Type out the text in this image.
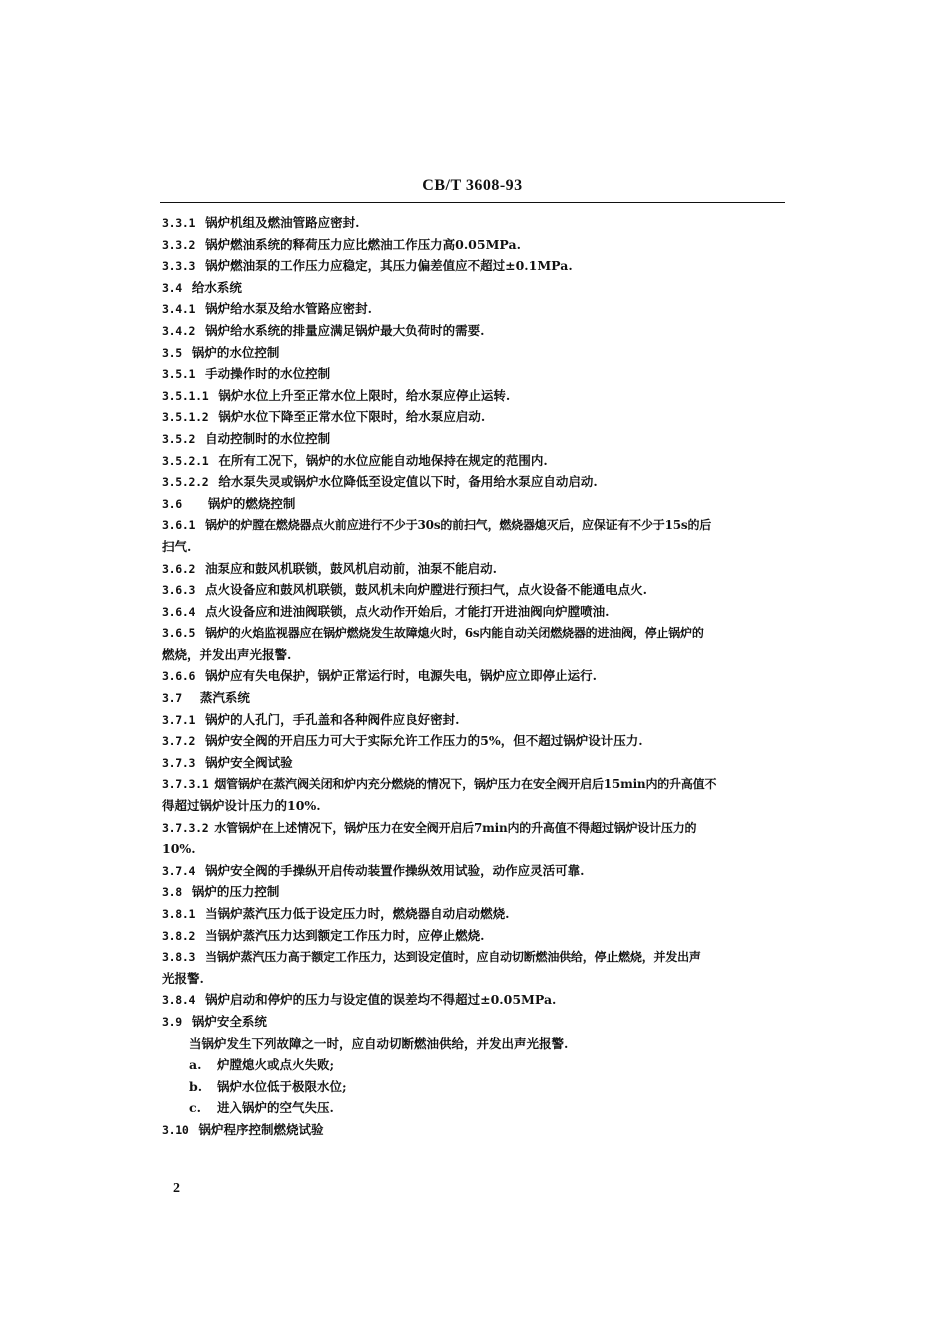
CB/T 3608-93
3.3.1 锅炉机组及燃油管路应密封.
3.3.2 锅炉燃油系统的释荷压力应比燃油工作压力高0.05MPa.
3.3.3 锅炉燃油泵的工作压力应稳定，其压力偏差值应不超过±0.1MPa.
3.4 给水系统
3.4.1 锅炉给水泵及给水管路应密封.
3.4.2 锅炉给水系统的排量应满足锅炉最大负荷时的需要.
3.5 锅炉的水位控制
3.5.1 手动操作时的水位控制
3.5.1.1 锅炉水位上升至正常水位上限时，给水泵应停止运转.
3.5.1.2 锅炉水位下降至正常水位下限时，给水泵应启动.
3.5.2 自动控制时的水位控制
3.5.2.1 在所有工况下，锅炉的水位应能自动地保持在规定的范围内.
3.5.2.2 给水泵失灵或锅炉水位降低至设定值以下时，备用给水泵应自动启动.
3.6 锅炉的燃烧控制
3.6.1 锅炉的炉膛在燃烧器点火前应进行不少于30s的前扫气，燃烧器熄灭后，应保证有不少于15s的后
扫气.
3.6.2 油泵应和鼓风机联锁，鼓风机启动前，油泵不能启动.
3.6.3 点火设备应和鼓风机联锁，鼓风机未向炉膛进行预扫气，点火设备不能通电点火.
3.6.4 点火设备应和进油阀联锁，点火动作开始后，才能打开进油阀向炉膛喷油.
3.6.5 锅炉的火焰监视器应在锅炉燃烧发生故障熄火时，6s内能自动关闭燃烧器的进油阀，停止锅炉的
燃烧，并发出声光报警.
3.6.6 锅炉应有失电保护，锅炉正常运行时，电源失电，锅炉应立即停止运行.
3.7 蒸汽系统
3.7.1 锅炉的人孔门，手孔盖和各种阀件应良好密封.
3.7.2 锅炉安全阀的开启压力可大于实际允许工作压力的5%，但不超过锅炉设计压力.
3.7.3 锅炉安全阀试验
3.7.3.1 烟管锅炉在蒸汽阀关闭和炉内充分燃烧的情况下，锅炉压力在安全阀开启后15min内的升高值不
得超过锅炉设计压力的10%.
3.7.3.2 水管锅炉在上述情况下，锅炉压力在安全阀开启后7min内的升高值不得超过锅炉设计压力的
10%.
3.7.4 锅炉安全阀的手操纵开启传动装置作操纵效用试验，动作应灵活可靠.
3.8 锅炉的压力控制
3.8.1 当锅炉蒸汽压力低于设定压力时，燃烧器自动启动燃烧.
3.8.2 当锅炉蒸汽压力达到额定工作压力时，应停止燃烧.
3.8.3 当锅炉蒸汽压力高于额定工作压力，达到设定值时，应自动切断燃油供给，停止燃烧，并发出声
光报警.
3.8.4 锅炉启动和停炉的压力与设定值的误差均不得超过±0.05MPa.
3.9 锅炉安全系统
当锅炉发生下列故障之一时，应自动切断燃油供给，并发出声光报警.
a. 炉膛熄火或点火失败;
b. 锅炉水位低于极限水位;
c. 进入锅炉的空气失压.
3.10 锅炉程序控制燃烧试验
2
